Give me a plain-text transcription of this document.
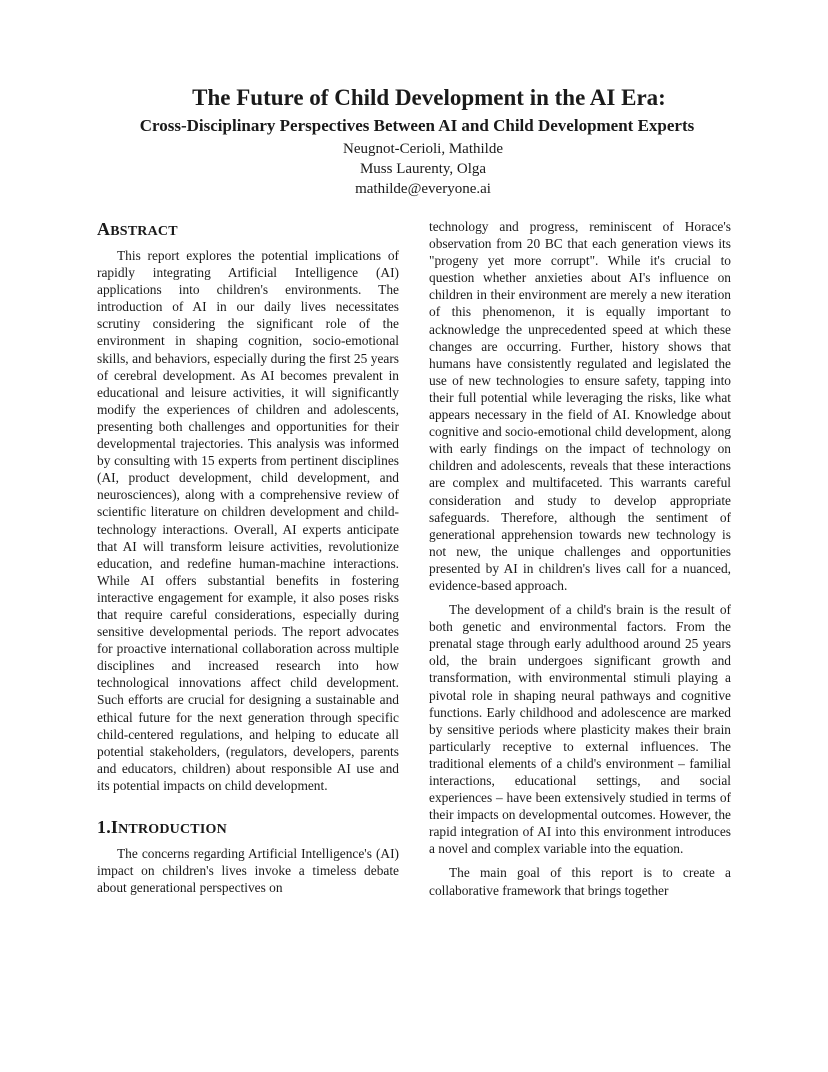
The Future of Child Development in the AI Era:
Cross-Disciplinary Perspectives Between AI and Child Development Experts
Neugnot-Cerioli, Mathilde
Muss Laurenty, Olga
mathilde@everyone.ai
ABSTRACT

This report explores the potential implications of rapidly integrating Artificial Intelligence (AI) applications into children's environments. The introduction of AI in our daily lives necessitates scrutiny considering the significant role of the environment in shaping cognition, socio-emotional skills, and behaviors, especially during the first 25 years of cerebral development. As AI becomes prevalent in educational and leisure activities, it will significantly modify the experiences of children and adolescents, presenting both challenges and opportunities for their developmental trajectories. This analysis was informed by consulting with 15 experts from pertinent disciplines (AI, product development, child development, and neurosciences), along with a comprehensive review of scientific literature on children development and child-technology interactions. Overall, AI experts anticipate that AI will transform leisure activities, revolutionize education, and redefine human-machine interactions. While AI offers substantial benefits in fostering interactive engagement for example, it also poses risks that require careful considerations, especially during sensitive developmental periods. The report advocates for proactive international collaboration across multiple disciplines and increased research into how technological innovations affect child development. Such efforts are crucial for designing a sustainable and ethical future for the next generation through specific child-centered regulations, and helping to educate all potential stakeholders, (regulators, developers, parents and educators, children) about responsible AI use and its potential impacts on child development.

1.INTRODUCTION

The concerns regarding Artificial Intelligence's (AI) impact on children's lives invoke a timeless debate about generational perspectives on

technology and progress, reminiscent of Horace's observation from 20 BC that each generation views its "progeny yet more corrupt". While it's crucial to question whether anxieties about AI's influence on children in their environment are merely a new iteration of this phenomenon, it is equally important to acknowledge the unprecedented speed at which these changes are occurring. Further, history shows that humans have consistently regulated and legislated the use of new technologies to ensure safety, tapping into their full potential while leveraging the risks, like what appears necessary in the field of AI. Knowledge about cognitive and socio-emotional child development, along with early findings on the impact of technology on children and adolescents, reveals that these interactions are complex and multifaceted. This warrants careful consideration and study to develop appropriate safeguards. Therefore, although the sentiment of generational apprehension towards new technology is not new, the unique challenges and opportunities presented by AI in children's lives call for a nuanced, evidence-based approach.

The development of a child's brain is the result of both genetic and environmental factors. From the prenatal stage through early adulthood around 25 years old, the brain undergoes significant growth and transformation, with environmental stimuli playing a pivotal role in shaping neural pathways and cognitive functions. Early childhood and adolescence are marked by sensitive periods where plasticity makes their brain particularly receptive to external influences. The traditional elements of a child's environment – familial interactions, educational settings, and social experiences – have been extensively studied in terms of their impacts on developmental outcomes. However, the rapid integration of AI into this environment introduces a novel and complex variable into the equation.

The main goal of this report is to create a collaborative framework that brings together
